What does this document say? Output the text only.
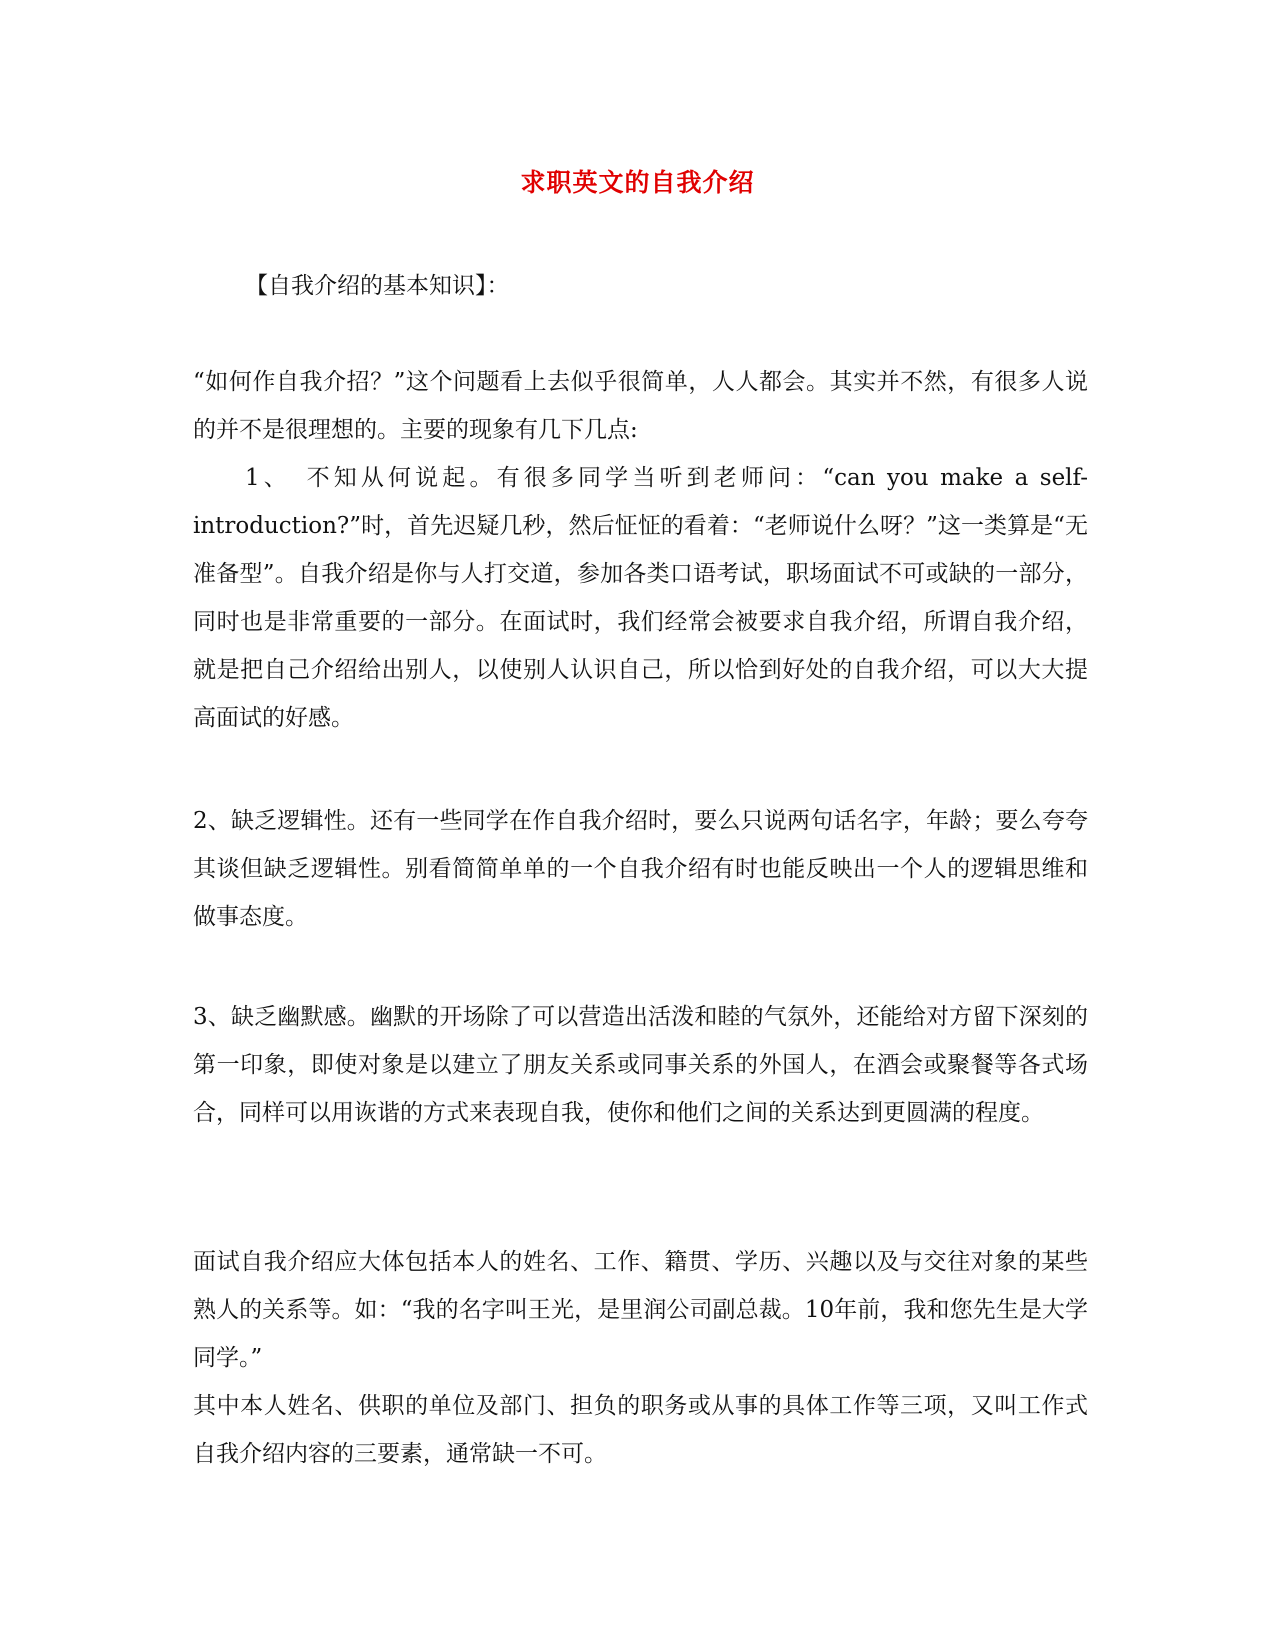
求职英文的自我介绍

【自我介绍的基本知识】：

“如何作自我介招？”这个问题看上去似乎很简单，人人都会。其实并不然，有很多人说的并不是很理想的。主要的现象有几下几点:

1、　不知从何说起。有很多同学当听到老师问：“can you make a self-introduction?”时，首先迟疑几秒，然后怔怔的看着：“老师说什么呀？”这一类算是“无准备型”。自我介绍是你与人打交道，参加各类口语考试，职场面试不可或缺的一部分，同时也是非常重要的一部分。在面试时，我们经常会被要求自我介绍，所谓自我介绍，就是把自己介绍给出别人，以使别人认识自己，所以恰到好处的自我介绍，可以大大提高面试的好感。

2、缺乏逻辑性。还有一些同学在作自我介绍时，要么只说两句话名字，年龄；要么夸夸其谈但缺乏逻辑性。别看简简单单的一个自我介绍有时也能反映出一个人的逻辑思维和做事态度。

3、缺乏幽默感。幽默的开场除了可以营造出活泼和睦的气氛外，还能给对方留下深刻的第一印象，即使对象是以建立了朋友关系或同事关系的外国人，在酒会或聚餐等各式场合，同样可以用诙谐的方式来表现自我，使你和他们之间的关系达到更圆满的程度。

面试自我介绍应大体包括本人的姓名、工作、籍贯、学历、兴趣以及与交往对象的某些熟人的关系等。如：“我的名字叫王光，是里润公司副总裁。10年前，我和您先生是大学同学。”

其中本人姓名、供职的单位及部门、担负的职务或从事的具体工作等三项，又叫工作式自我介绍内容的三要素，通常缺一不可。
